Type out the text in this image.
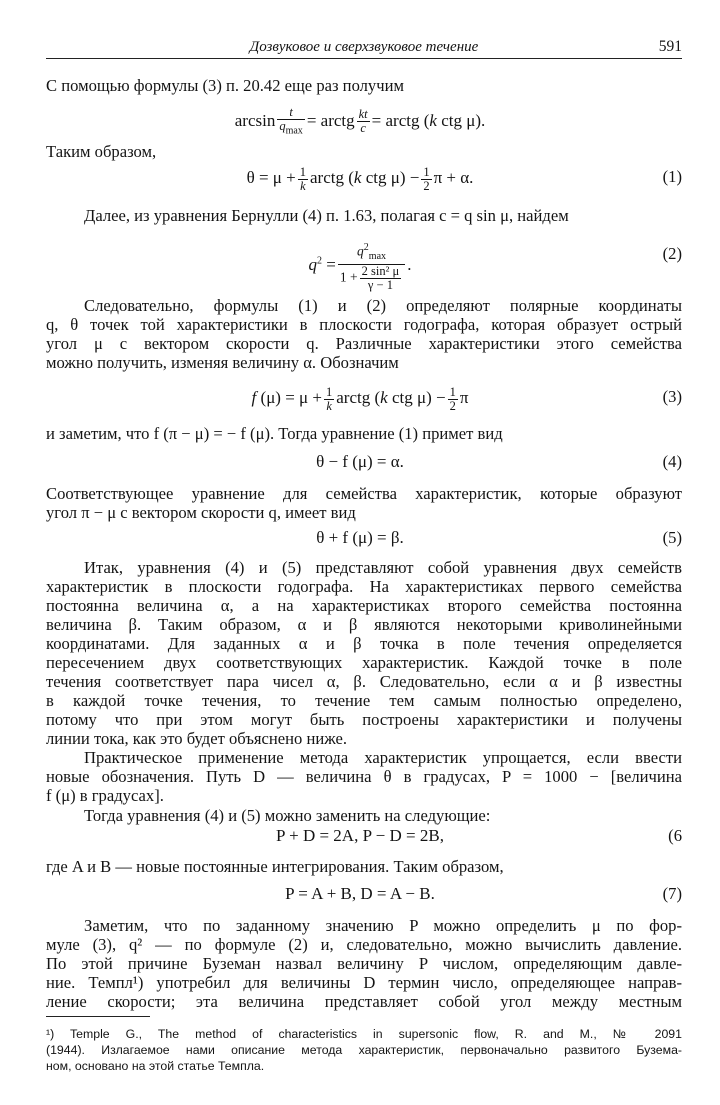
Дозвуковое и сверхзвуковое течение	591
С помощью формулы (3) п. 20.42 еще раз получим
$\arcsin \frac{t}{q_{max}}$ = arctg $\frac{kt}{c}$ = arctg (k ctg μ).
Таким образом,
$\theta = \mu + \frac{1}{k}$ arctg (k ctg $\mu) - \frac{1}{2}$ π + α.	(1)
Далее, из уравнения Бернулли (4) п. 1.63, полагая c = q sin μ, найдем
$q^2 = \frac{q^2_{max}}{1 + \frac{\text{2 sin² μ}}{\gamma - 1}}$ .
(2)
Следовательно, формулы (1) и (2) определяют полярные координаты
q, θ точек той характеристики в плоскости годографа, которая образует острый
угол μ с вектором скорости q. Различные характеристики этого семейства
можно получить, изменяя величину α. Обозначим
f $(\mu) = \mu + \frac{1}{k}$ arctg (k ctg $\mu) - \frac{1}{2}$ π	(3)
и заметим, что f (π − μ) = − f (μ). Тогда уравнение (1) примет вид
θ − f (μ) = α.	(4)
Соответствующее уравнение для семейства характеристик, которые образуют
угол π − μ с вектором скорости q, имеет вид
θ + f (μ) = β.	(5)
Итак, уравнения (4) и (5) представляют собой уравнения двух семейств
характеристик в плоскости годографа. На характеристиках первого семейства
постоянна величина α, а на характеристиках второго семейства постоянна
величина β. Таким образом, α и β являются некоторыми криволинейными
координатами. Для заданных α и β точка в поле течения определяется
пересечением двух соответствующих характеристик. Каждой точке в поле
течения соответствует пара чисел α, β. Следовательно, если α и β известны
в каждой точке течения, то течение тем самым полностью определено,
потому что при этом могут быть построены характеристики и получены
линии тока, как это будет объяснено ниже.
Практическое применение метода характеристик упрощается, если ввести
новые обозначения. Путь D — величина θ в градусах, P = 1000 − [величина
f (μ) в градусах].
Тогда уравнения (4) и (5) можно заменить на следующие:
P + D = 2A, P − D = 2B,	(6
где A и B — новые постоянные интегрирования. Таким образом,
P = A + B, D = A − B.	(7)
Заметим, что по заданному значению P можно определить μ по фор-
муле (3), q² — по формуле (2) и, следовательно, можно вычислить давление.
По этой причине Буземан назвал величину P числом, определяющим давле-
ние. Темпл¹) употребил для величины D термин число, определяющее направ-
ление скорости; эта величина представляет собой угол между местным
¹) Temple G., The method of characteristics in supersonic flow, R. and M., № 2091
(1944). Излагаемое нами описание метода характеристик, первоначально развитого Буземa-
ном, основано на этой статье Темпла.
